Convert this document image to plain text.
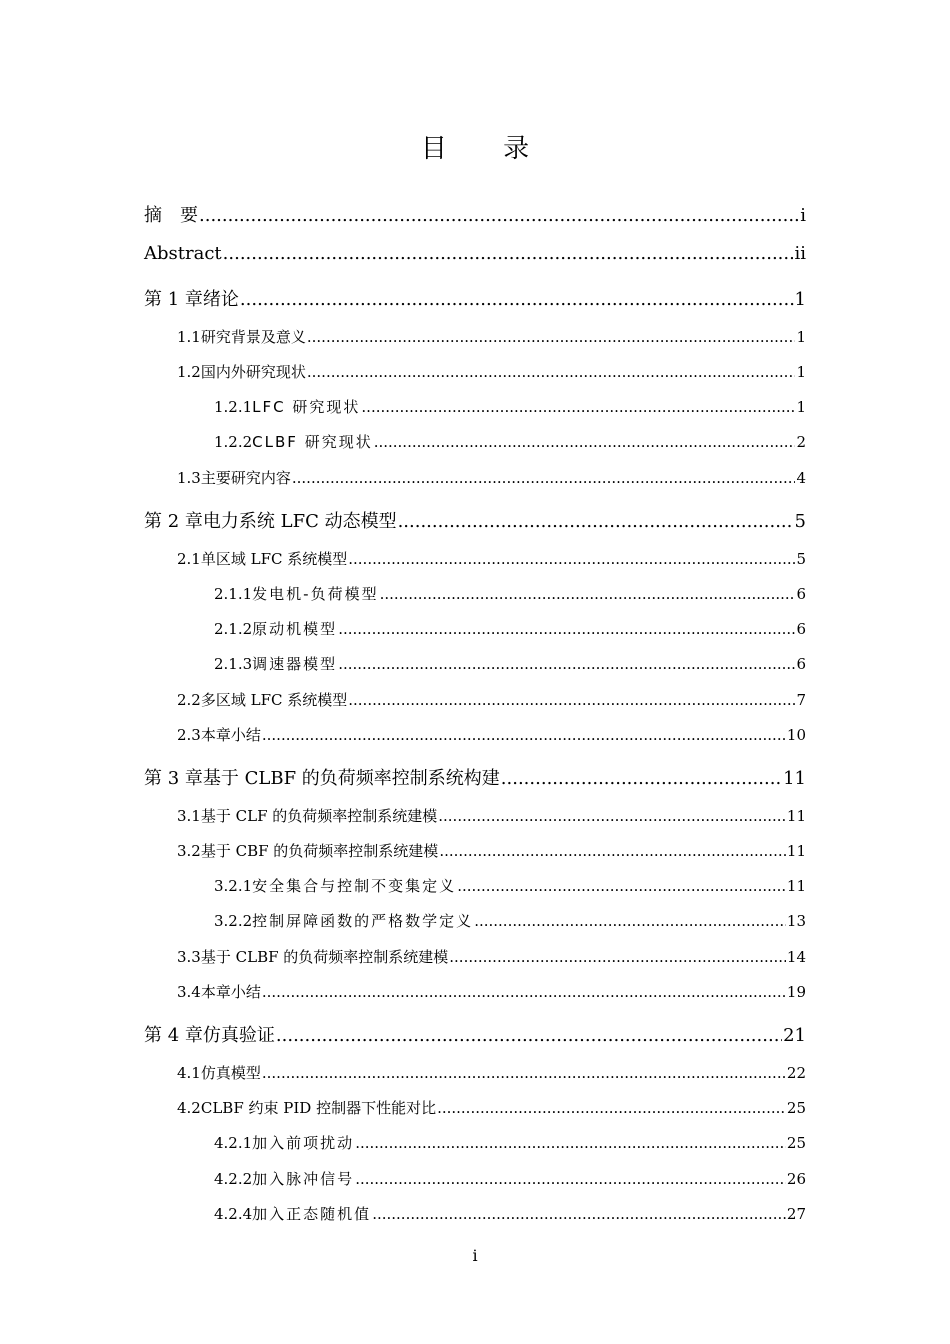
目 录
摘　要 .....	i
Abstract .....	ii
第 1 章 绪论 .....	1
1.1 研究背景及意义 .....	1
1.2 国内外研究现状 .....	1
1.2.1 LFC 研究现状 .....	1
1.2.2 CLBF 研究现状 .....	2
1.3 主要研究内容 .....	4
第 2 章 电力系统 LFC 动态模型 .....	5
2.1 单区域 LFC 系统模型 .....	5
2.1.1 发电机-负荷模型 .....	6
2.1.2 原动机模型 .....	6
2.1.3 调速器模型 .....	6
2.2 多区域 LFC 系统模型 .....	7
2.3 本章小结 .....	10
第 3 章 基于 CLBF 的负荷频率控制系统构建 .....	11
3.1 基于 CLF 的负荷频率控制系统建模 .....	11
3.2 基于 CBF 的负荷频率控制系统建模 .....	11
3.2.1 安全集合与控制不变集定义 .....	11
3.2.2 控制屏障函数的严格数学定义 .....	13
3.3 基于 CLBF 的负荷频率控制系统建模 .....	14
3.4 本章小结 .....	19
第 4 章 仿真验证 .....	21
4.1 仿真模型 .....	22
4.2 CLBF 约束 PID 控制器下性能对比 .....	25
4.2.1 加入前项扰动 .....	25
4.2.2 加入脉冲信号 .....	26
4.2.4 加入正态随机值 .....	27
i
